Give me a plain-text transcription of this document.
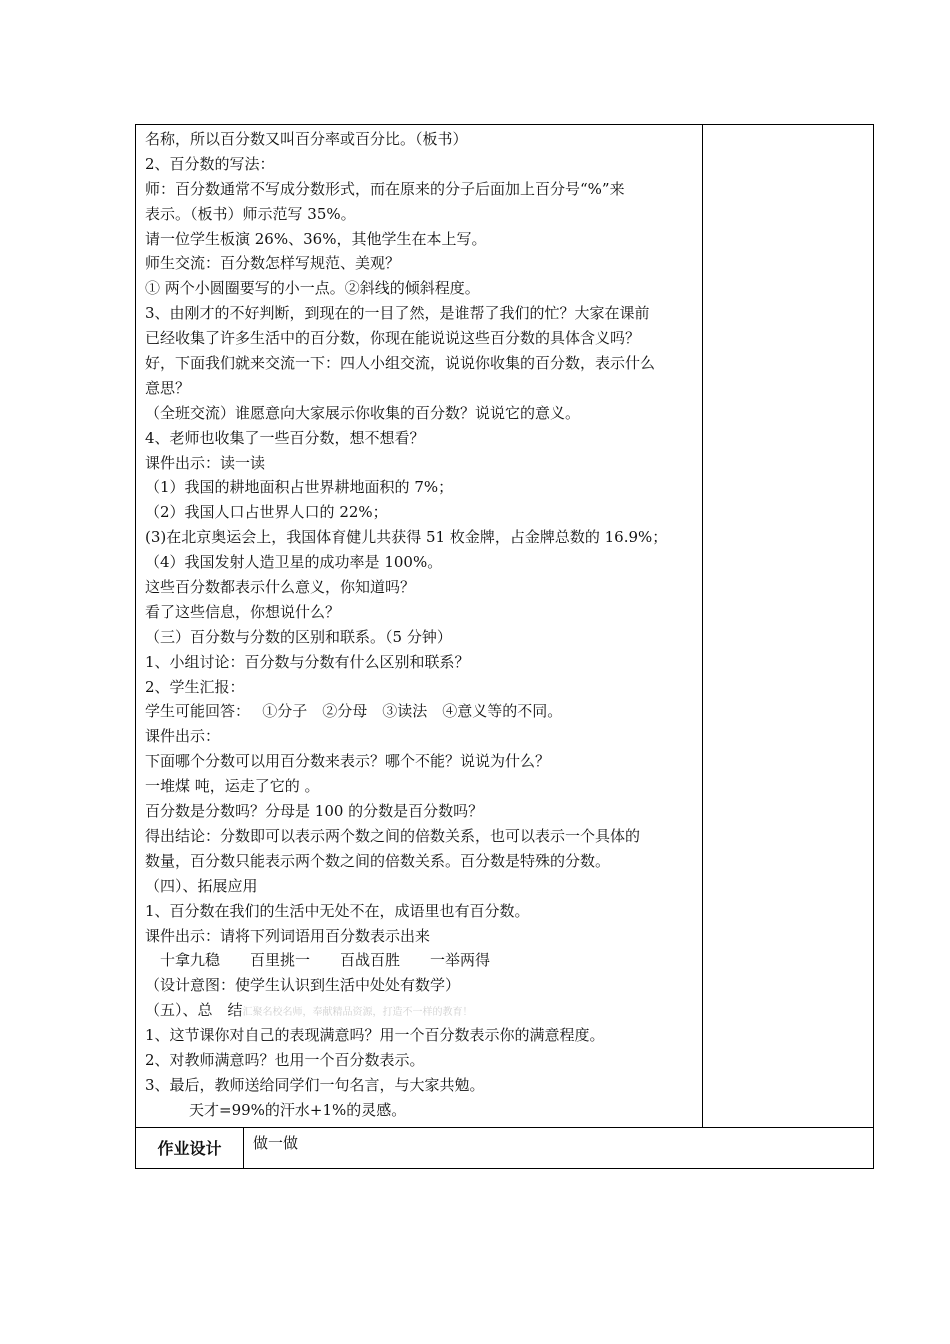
名称，所以百分数又叫百分率或百分比。（板书）
2、百分数的写法：
师：百分数通常不写成分数形式，而在原来的分子后面加上百分号“%”来
表示。（板书）师示范写 35%。
请一位学生板演 26%、36%，其他学生在本上写。
师生交流：百分数怎样写规范、美观？
① 两个小圆圈要写的小一点。②斜线的倾斜程度。
3、由刚才的不好判断，到现在的一目了然，是谁帮了我们的忙？大家在课前
已经收集了许多生活中的百分数，你现在能说说这些百分数的具体含义吗？
好，下面我们就来交流一下：四人小组交流，说说你收集的百分数，表示什么
意思？
（全班交流）谁愿意向大家展示你收集的百分数？说说它的意义。
4、老师也收集了一些百分数，想不想看？
课件出示：读一读
（1）我国的耕地面积占世界耕地面积的 7%；
（2）我国人口占世界人口的 22%；
(3)在北京奥运会上，我国体育健儿共获得 51 枚金牌，占金牌总数的 16.9%；
（4）我国发射人造卫星的成功率是 100%。
这些百分数都表示什么意义，你知道吗？
看了这些信息，你想说什么？
（三）百分数与分数的区别和联系。（5 分钟）
1、小组讨论：百分数与分数有什么区别和联系？
2、学生汇报：
学生可能回答：　 ①分子　②分母　③读法　④意义等的不同。
课件出示：
下面哪个分数可以用百分数来表示？哪个不能？说说为什么？
一堆煤 吨，运走了它的 。
百分数是分数吗？分母是 100 的分数是百分数吗？
得出结论：分数即可以表示两个数之间的倍数关系，也可以表示一个具体的
数量，百分数只能表示两个数之间的倍数关系。百分数是特殊的分数。
（四）、拓展应用
1、百分数在我们的生活中无处不在，成语里也有百分数。
课件出示：请将下列词语用百分数表示出来
　十拿九稳　　百里挑一　　百战百胜　　一举两得
（设计意图：使学生认识到生活中处处有数学）
（五）、总　结汇聚名校名师，奉献精品资源，打造不一样的教育！
1、这节课你对自己的表现满意吗？用一个百分数表示你的满意程度。
2、对教师满意吗？也用一个百分数表示。
3、最后，教师送给同学们一句名言，与大家共勉。
天才=99%的汗水+1%的灵感。
作业设计	做一做
